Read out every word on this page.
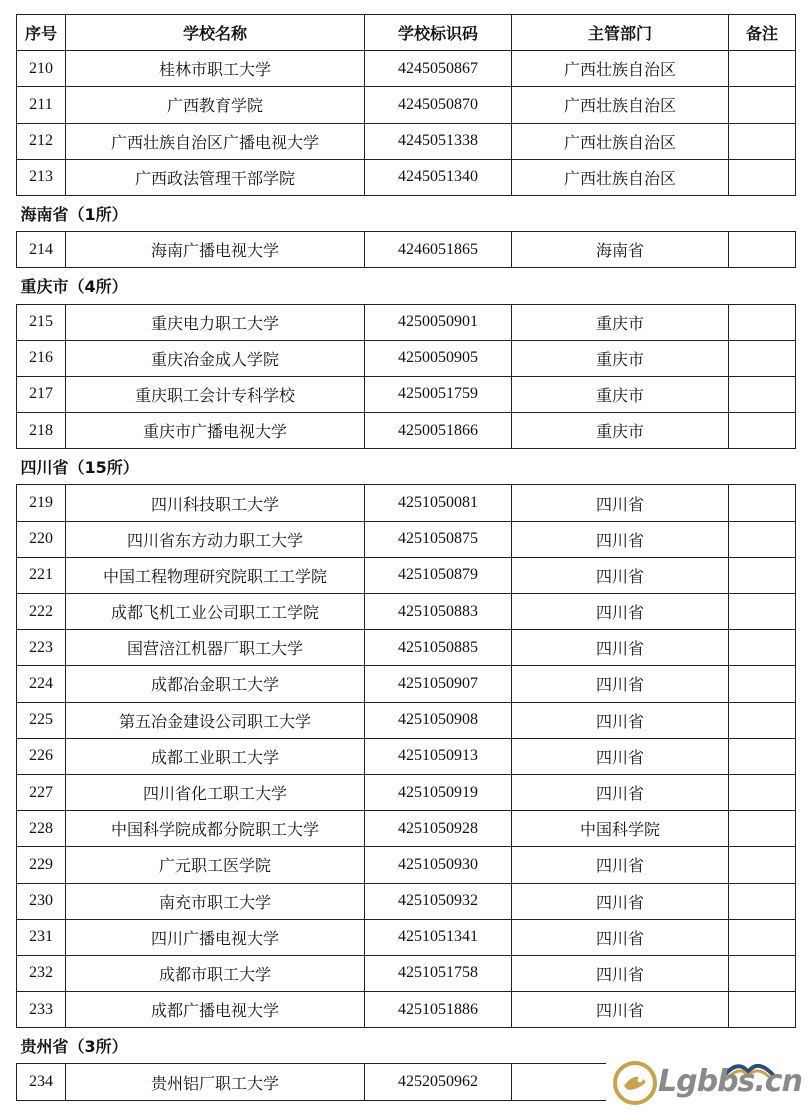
序号	学校名称	学校标识码	主管部门	备注
210	桂林市职工大学	4245050867	广西壮族自治区	
211	广西教育学院	4245050870	广西壮族自治区	
212	广西壮族自治区广播电视大学	4245051338	广西壮族自治区	
213	广西政法管理干部学院	4245051340	广西壮族自治区	
海南省（1所）				
214	海南广播电视大学	4246051865	海南省	
重庆市（4所）				
215	重庆电力职工大学	4250050901	重庆市	
216	重庆冶金成人学院	4250050905	重庆市	
217	重庆职工会计专科学校	4250051759	重庆市	
218	重庆市广播电视大学	4250051866	重庆市	
四川省（15所）				
219	四川科技职工大学	4251050081	四川省	
220	四川省东方动力职工大学	4251050875	四川省	
221	中国工程物理研究院职工工学院	4251050879	四川省	
222	成都飞机工业公司职工工学院	4251050883	四川省	
223	国营涪江机器厂职工大学	4251050885	四川省	
224	成都冶金职工大学	4251050907	四川省	
225	第五冶金建设公司职工大学	4251050908	四川省	
226	成都工业职工大学	4251050913	四川省	
227	四川省化工职工大学	4251050919	四川省	
228	中国科学院成都分院职工大学	4251050928	中国科学院	
229	广元职工医学院	4251050930	四川省	
230	南充市职工大学	4251050932	四川省	
231	四川广播电视大学	4251051341	四川省	
232	成都市职工大学	4251051758	四川省	
233	成都广播电视大学	4251051886	四川省	
贵州省（3所）				
234	贵州铝厂职工大学	4252050962			Lgbbs.cn
